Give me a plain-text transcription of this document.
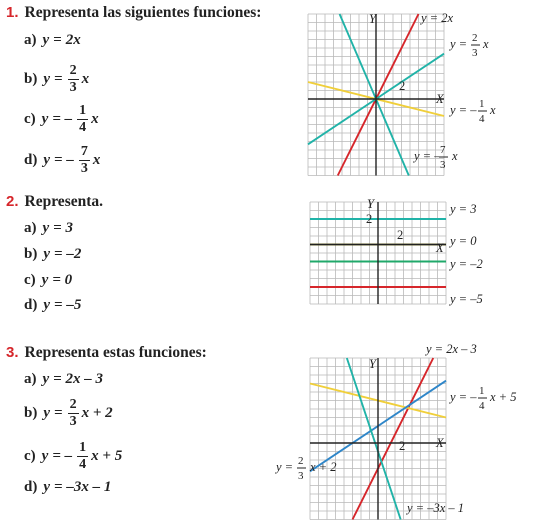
1. Representa las siguientes funciones:
a) y = 2x
b) $y = \frac{2}{3}$ x
c) y = – $\frac{1}{4}$ x
d) y = – $\frac{7}{3}$ x
2. Representa.
a) y = 3
b) y = –2
c) y = 0
d) y = –5
3. Representa estas funciones:
a) y = 2x – 3
b) $y = \frac{2}{3}$ x + 2
c) y = – $\frac{1}{4}$ x + 5
d) y = –3x – 1
Y
X
2
y = 2x
y = 2
3
x
y = – 1
4
x
y = – 7
3
x
Y
X
2
2
y = 3
y = 0
y = –2
y = –5
Y
X
2
y = 2x – 3
y = – 1
4
x + 5
y = 2
3
x + 2
y = –3x – 1
